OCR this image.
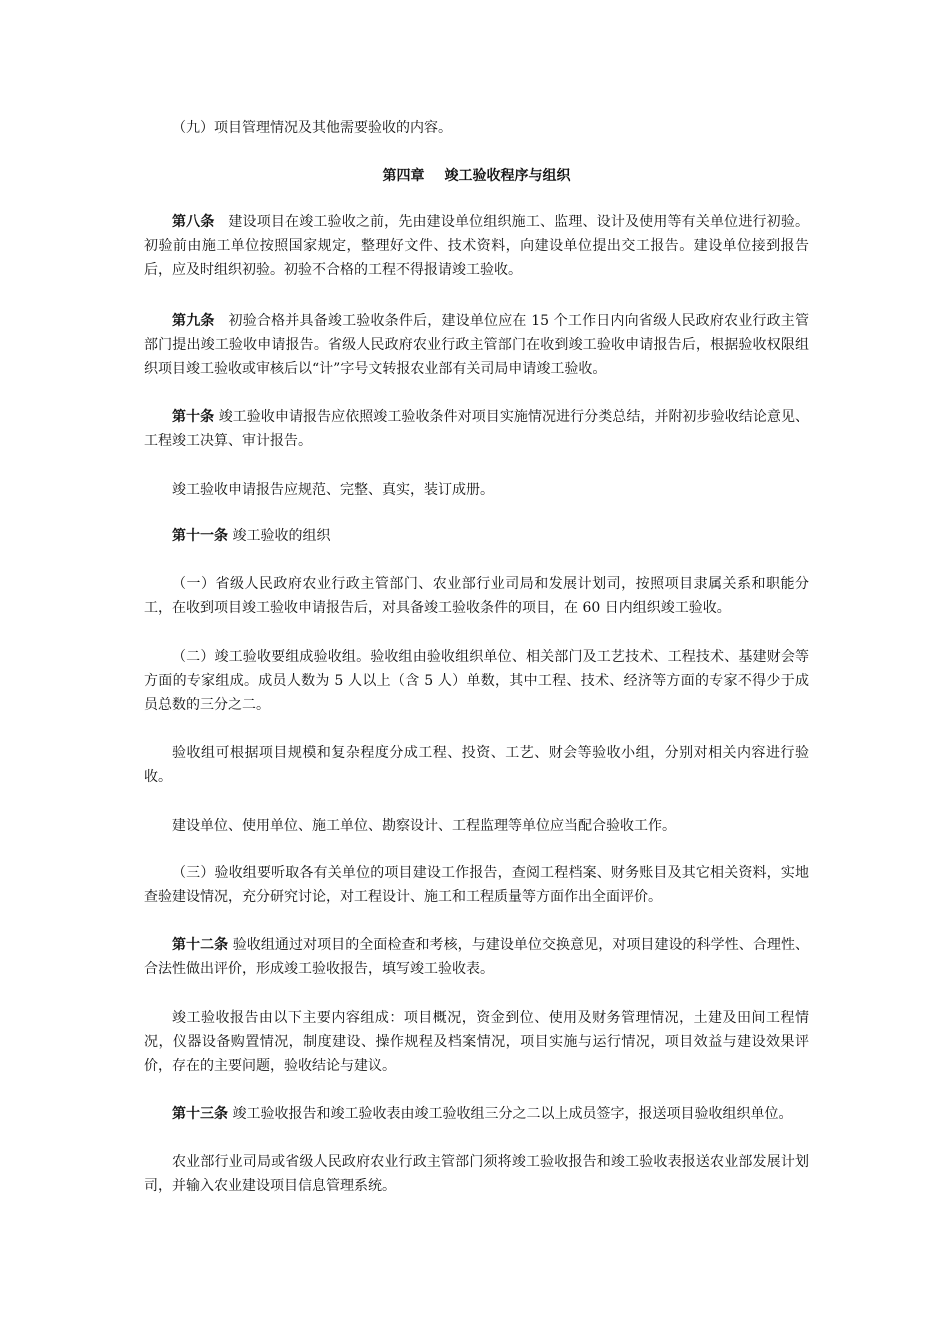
（九）项目管理情况及其他需要验收的内容。

第四章 竣工验收程序与组织

第八条 建设项目在竣工验收之前，先由建设单位组织施工、监理、设计及使用等有关单位进行初验。初验前由施工单位按照国家规定，整理好文件、技术资料，向建设单位提出交工报告。建设单位接到报告后，应及时组织初验。初验不合格的工程不得报请竣工验收。

第九条 初验合格并具备竣工验收条件后，建设单位应在 15 个工作日内向省级人民政府农业行政主管部门提出竣工验收申请报告。省级人民政府农业行政主管部门在收到竣工验收申请报告后，根据验收权限组织项目竣工验收或审核后以“计”字号文转报农业部有关司局申请竣工验收。

第十条 竣工验收申请报告应依照竣工验收条件对项目实施情况进行分类总结，并附初步验收结论意见、工程竣工决算、审计报告。

竣工验收申请报告应规范、完整、真实，装订成册。

第十一条 竣工验收的组织

（一）省级人民政府农业行政主管部门、农业部行业司局和发展计划司，按照项目隶属关系和职能分工，在收到项目竣工验收申请报告后，对具备竣工验收条件的项目，在 60 日内组织竣工验收。

（二）竣工验收要组成验收组。验收组由验收组织单位、相关部门及工艺技术、工程技术、基建财会等方面的专家组成。成员人数为 5 人以上（含 5 人）单数，其中工程、技术、经济等方面的专家不得少于成员总数的三分之二。

验收组可根据项目规模和复杂程度分成工程、投资、工艺、财会等验收小组，分别对相关内容进行验收。

建设单位、使用单位、施工单位、勘察设计、工程监理等单位应当配合验收工作。

（三）验收组要听取各有关单位的项目建设工作报告，查阅工程档案、财务账目及其它相关资料，实地查验建设情况，充分研究讨论，对工程设计、施工和工程质量等方面作出全面评价。

第十二条 验收组通过对项目的全面检查和考核，与建设单位交换意见，对项目建设的科学性、合理性、合法性做出评价，形成竣工验收报告，填写竣工验收表。

竣工验收报告由以下主要内容组成：项目概况，资金到位、使用及财务管理情况，土建及田间工程情况，仪器设备购置情况，制度建设、操作规程及档案情况，项目实施与运行情况，项目效益与建设效果评价，存在的主要问题，验收结论与建议。

第十三条 竣工验收报告和竣工验收表由竣工验收组三分之二以上成员签字，报送项目验收组织单位。

农业部行业司局或省级人民政府农业行政主管部门须将竣工验收报告和竣工验收表报送农业部发展计划司，并输入农业建设项目信息管理系统。
